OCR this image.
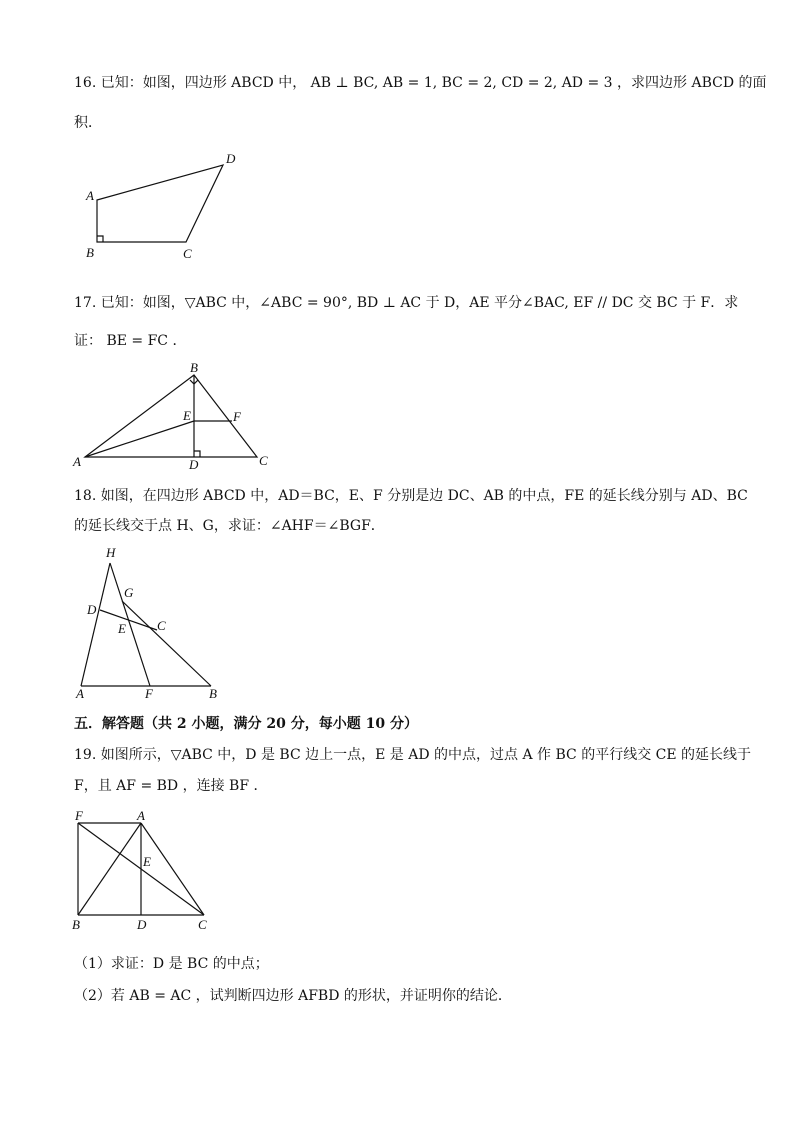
16. 已知：如图，四边形 ABCD 中， AB ⊥ BC, AB = 1, BC = 2, CD = 2, AD = 3 ，求四边形 ABCD 的面
积．
A
B	C
D
17. 已知：如图，▽ABC 中，∠ABC = 90°, BD ⊥ AC 于 D，AE 平分∠BAC, EF // DC 交 BC 于 F．求
证： BE = FC ．
B
E	F
A	D	C
18. 如图，在四边形 ABCD 中，AD＝BC，E、F 分别是边 DC、AB 的中点，FE 的延长线分别与 AD、BC
的延长线交于点 H、G，求证：∠AHF＝∠BGF．
H
G
D
E C
A	F	B
五．解答题（共 2 小题，满分 20 分，每小题 10 分）
19. 如图所示，▽ABC 中，D 是 BC 边上一点，E 是 AD 的中点，过点 A 作 BC 的平行线交 CE 的延长线于
F，且 AF = BD ，连接 BF ．
F	A
E
B	D	C
（1）求证：D 是 BC 的中点；
（2）若 AB = AC ，试判断四边形 AFBD 的形状，并证明你的结论．
